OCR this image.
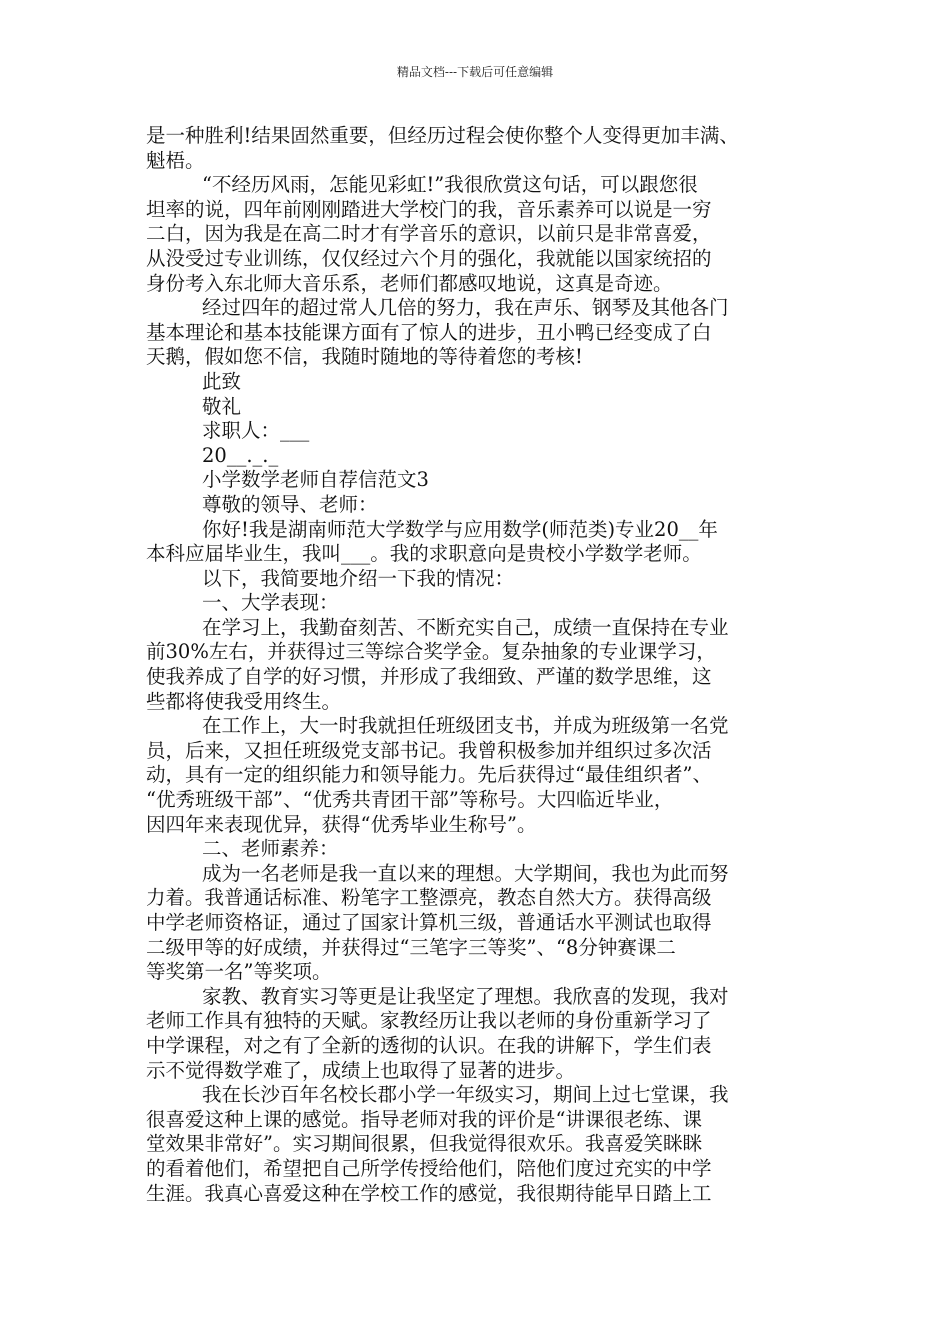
精品文档---下载后可任意编辑
是一种胜利!结果固然重要，但经历过程会使你整个人变得更加丰满、
魁梧。
“不经历风雨，怎能见彩虹!”我很欣赏这句话，可以跟您很
坦率的说，四年前刚刚踏进大学校门的我，音乐素养可以说是一穷
二白，因为我是在高二时才有学音乐的意识，以前只是非常喜爱，
从没受过专业训练，仅仅经过六个月的强化，我就能以国家统招的
身份考入东北师大音乐系，老师们都感叹地说，这真是奇迹。
经过四年的超过常人几倍的努力，我在声乐、钢琴及其他各门
基本理论和基本技能课方面有了惊人的进步，丑小鸭已经变成了白
天鹅，假如您不信，我随时随地的等待着您的考核!
此致
敬礼
求职人：___
20__._._
小学数学老师自荐信范文3
尊敬的领导、老师：
你好!我是湖南师范大学数学与应用数学(师范类)专业20__年
本科应届毕业生，我叫___。我的求职意向是贵校小学数学老师。
以下，我简要地介绍一下我的情况：
一、大学表现：
在学习上，我勤奋刻苦、不断充实自己，成绩一直保持在专业
前30%左右，并获得过三等综合奖学金。复杂抽象的专业课学习，
使我养成了自学的好习惯，并形成了我细致、严谨的数学思维，这
些都将使我受用终生。
在工作上，大一时我就担任班级团支书，并成为班级第一名党
员，后来，又担任班级党支部书记。我曾积极参加并组织过多次活
动，具有一定的组织能力和领导能力。先后获得过“最佳组织者”、
“优秀班级干部”、“优秀共青团干部”等称号。大四临近毕业，
因四年来表现优异，获得“优秀毕业生称号”。
二、老师素养：
成为一名老师是我一直以来的理想。大学期间，我也为此而努
力着。我普通话标准、粉笔字工整漂亮，教态自然大方。获得高级
中学老师资格证，通过了国家计算机三级，普通话水平测试也取得
二级甲等的好成绩，并获得过“三笔字三等奖”、“8分钟赛课二
等奖第一名”等奖项。
家教、教育实习等更是让我坚定了理想。我欣喜的发现，我对
老师工作具有独特的天赋。家教经历让我以老师的身份重新学习了
中学课程，对之有了全新的透彻的认识。在我的讲解下，学生们表
示不觉得数学难了，成绩上也取得了显著的进步。
我在长沙百年名校长郡小学一年级实习，期间上过七堂课，我
很喜爱这种上课的感觉。指导老师对我的评价是“讲课很老练、课
堂效果非常好”。实习期间很累，但我觉得很欢乐。我喜爱笑眯眯
的看着他们，希望把自己所学传授给他们，陪他们度过充实的中学
生涯。我真心喜爱这种在学校工作的感觉，我很期待能早日踏上工
